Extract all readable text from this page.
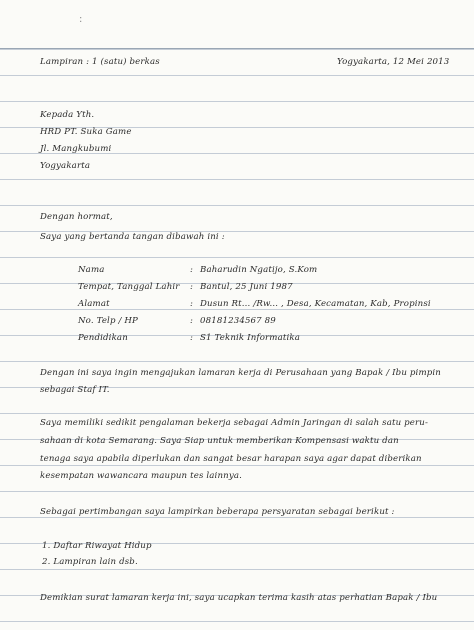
:
Lampiran : 1 (satu) berkas	Yogyakarta, 12 Mei 2013
Kepada Yth.
HRD PT. Suka Game
Jl. Mangkubumi
Yogyakarta
Dengan hormat,
Saya yang bertanda tangan dibawah ini :
Nama	: Baharudin Ngatijo, S.Kom
Tempat, Tanggal Lahir : Bantul, 25 Juni 1987
Alamat	: Dusun Rt... /Rw... , Desa, Kecamatan, Kab, Propinsi
No. Telp / HP	: 08181234567 89
Pendidikan	: S1 Teknik Informatika
Dengan ini saya ingin mengajukan lamaran kerja di Perusahaan yang Bapak / Ibu pimpin
sebagai Staf IT.
Saya memiliki sedikit pengalaman bekerja sebagai Admin Jaringan di salah satu peru-
sahaan di kota Semarang. Saya Siap untuk memberikan Kompensasi waktu dan
tenaga saya apabila diperlukan dan sangat besar harapan saya agar dapat diberikan
kesempatan wawancara maupun tes lainnya.
Sebagai pertimbangan saya lampirkan beberapa persyaratan sebagai berikut :
1. Daftar Riwayat Hidup
2. Lampiran lain dsb.
Demikian surat lamaran kerja ini, saya ucapkan terima kasih atas perhatian Bapak / Ibu
